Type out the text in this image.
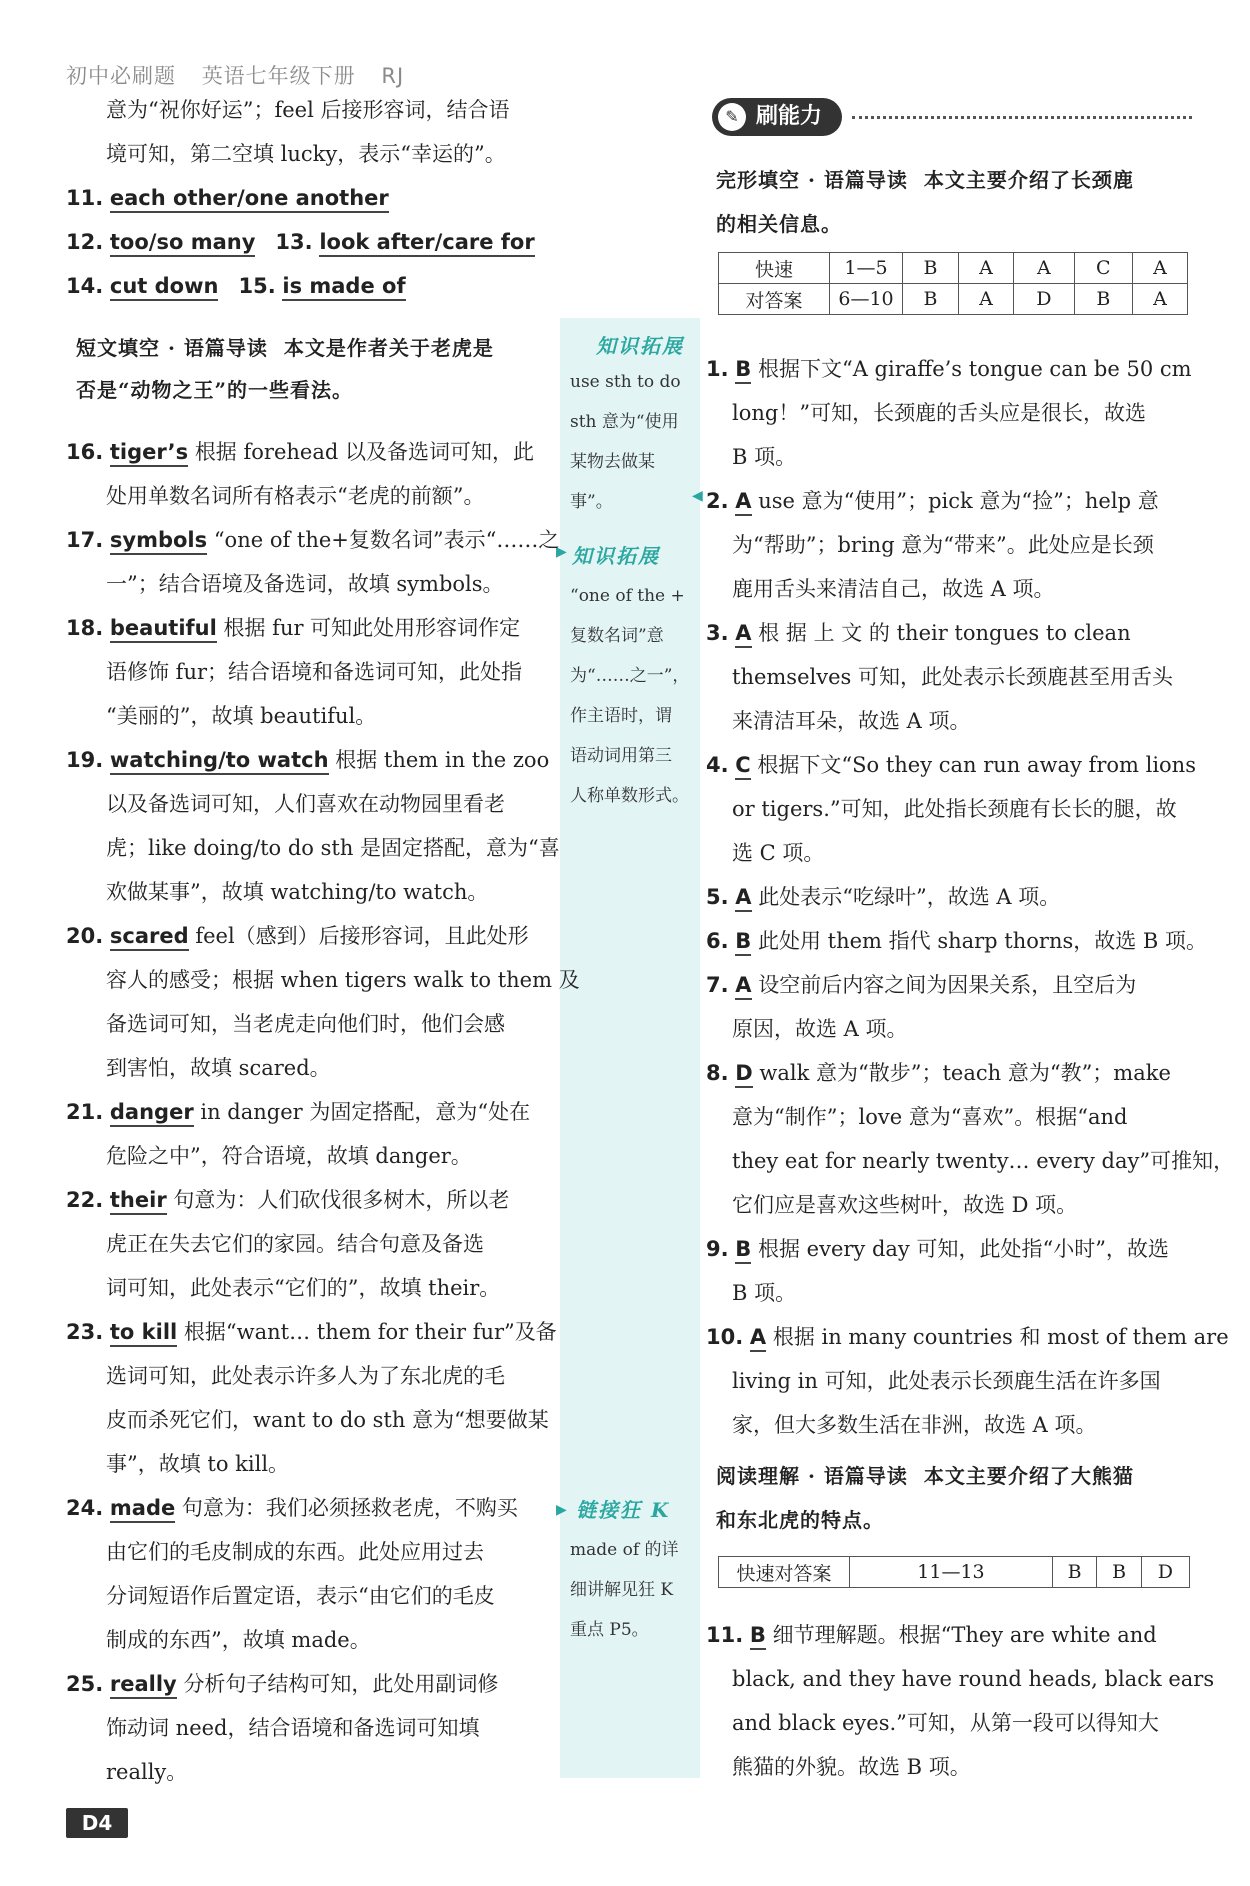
初中必刷题 英语七年级下册 RJ
知识拓展
use sth to do
sth 意为“使用
某物去做某
事”。	◀
▶ 知识拓展
“one of the +
复数名词”意
为“……之一”，
作主语时，谓
语动词用第三
人称单数形式。
▶ 链接狂 K
made of 的详
细讲解见狂 K
重点 P5。
意为“祝你好运”；feel 后接形容词，结合语
境可知，第二空填 lucky，表示“幸运的”。
11. each other/one another
12. too/so many 13. look after/care for
14. cut down 15. is made of
短文填空 · 语篇导读 本文是作者关于老虎是
否是“动物之王”的一些看法。
16. tiger’s 根据 forehead 以及备选词可知，此
处用单数名词所有格表示“老虎的前额”。
17. symbols “one of the+复数名词”表示“……之
一”；结合语境及备选词，故填 symbols。
18. beautiful 根据 fur 可知此处用形容词作定
语修饰 fur；结合语境和备选词可知，此处指
“美丽的”，故填 beautiful。
19. watching/to watch 根据 them in the zoo
以及备选词可知，人们喜欢在动物园里看老
虎；like doing/to do sth 是固定搭配，意为“喜
欢做某事”，故填 watching/to watch。
20. scared feel（感到）后接形容词，且此处形
容人的感受；根据 when tigers walk to them 及
备选词可知，当老虎走向他们时，他们会感
到害怕，故填 scared。
21. danger in danger 为固定搭配，意为“处在
危险之中”，符合语境，故填 danger。
22. their 句意为：人们砍伐很多树木，所以老
虎正在失去它们的家园。结合句意及备选
词可知，此处表示“它们的”，故填 their。
23. to kill 根据“want… them for their fur”及备
选词可知，此处表示许多人为了东北虎的毛
皮而杀死它们，want to do sth 意为“想要做某
事”，故填 to kill。
24. made 句意为：我们必须拯救老虎，不购买
由它们的毛皮制成的东西。此处应用过去
分词短语作后置定语，表示“由它们的毛皮
制成的东西”，故填 made。
25. really 分析句子结构可知，此处用副词修
饰动词 need，结合语境和备选词可知填
really。
✎ 刷能力
完形填空 · 语篇导读 本文主要介绍了长颈鹿
的相关信息。
快速	1—5	B	A	A	C	A
对答案	6—10	B	A	D	B	A
1. B 根据下文“A giraffe’s tongue can be 50 cm
long！”可知，长颈鹿的舌头应是很长，故选
B 项。
2. A use 意为“使用”；pick 意为“捡”；help 意
为“帮助”；bring 意为“带来”。此处应是长颈
鹿用舌头来清洁自己，故选 A 项。
3. A 根 据 上 文 的 their tongues to clean
themselves 可知，此处表示长颈鹿甚至用舌头
来清洁耳朵，故选 A 项。
4. C 根据下文“So they can run away from lions
or tigers.”可知，此处指长颈鹿有长长的腿，故
选 C 项。
5. A 此处表示“吃绿叶”，故选 A 项。
6. B 此处用 them 指代 sharp thorns，故选 B 项。
7. A 设空前后内容之间为因果关系，且空后为
原因，故选 A 项。
8. D walk 意为“散步”；teach 意为“教”；make
意为“制作”；love 意为“喜欢”。根据“and
they eat for nearly twenty… every day”可推知，
它们应是喜欢这些树叶，故选 D 项。
9. B 根据 every day 可知，此处指“小时”，故选
B 项。
10. A 根据 in many countries 和 most of them are
living in 可知，此处表示长颈鹿生活在许多国
家，但大多数生活在非洲，故选 A 项。
阅读理解 · 语篇导读 本文主要介绍了大熊猫
和东北虎的特点。
快速对答案	11—13	B	B	D
11. B 细节理解题。根据“They are white and
black, and they have round heads, black ears
and black eyes.”可知，从第一段可以得知大
熊猫的外貌。故选 B 项。
D4
